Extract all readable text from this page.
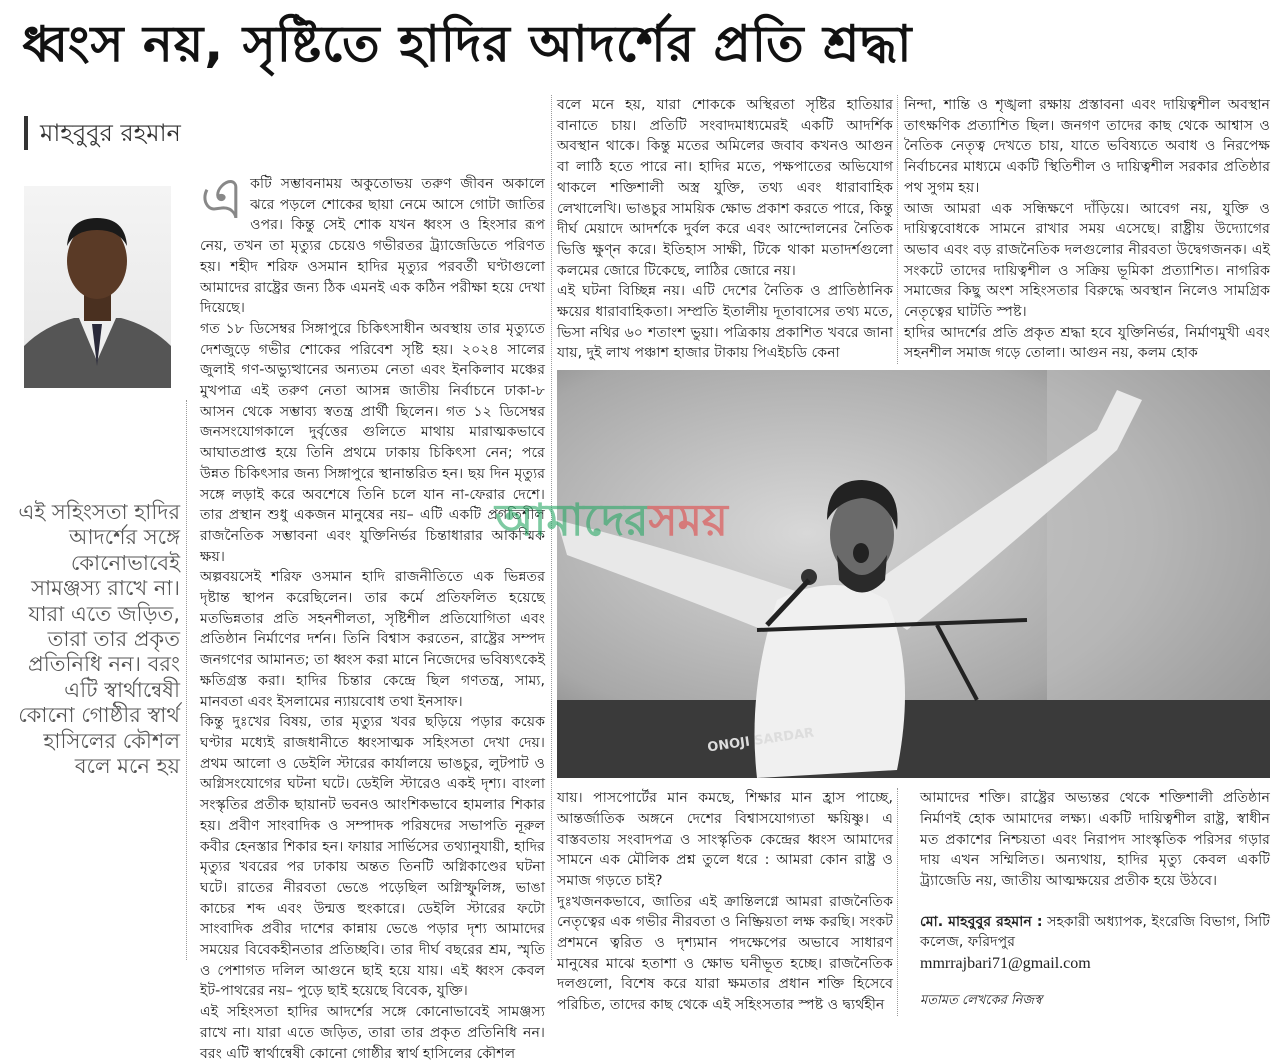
ধ্বংস নয়, সৃষ্টিতে হাদির আদর্শের প্রতি শ্রদ্ধা
মাহবুবুর রহমান
এই সহিংসতা হাদির আদর্শের সঙ্গে কোনোভাবেই সামঞ্জস্য রাখে না। যারা এতে জড়িত, তারা তার প্রকৃত প্রতিনিধি নন। বরং এটি স্বার্থান্বেষী কোনো গোষ্ঠীর স্বার্থ হাসিলের কৌশল বলে মনে হয়

একটি সম্ভাবনাময় অকুতোভয় তরুণ জীবন অকালে ঝরে পড়লে শোকের ছায়া নেমে আসে গোটা জাতির ওপর। কিন্তু সেই শোক যখন ধ্বংস ও হিংসার রূপ নেয়, তখন তা মৃত্যুর চেয়েও গভীরতর ট্র্যাজেডিতে পরিণত হয়। শহীদ শরিফ ওসমান হাদির মৃত্যুর পরবর্তী ঘণ্টাগুলো আমাদের রাষ্ট্রের জন্য ঠিক এমনই এক কঠিন পরীক্ষা হয়ে দেখা দিয়েছে।

গত ১৮ ডিসেম্বর সিঙ্গাপুরে চিকিৎসাধীন অবস্থায় তার মৃত্যুতে দেশজুড়ে গভীর শোকের পরিবেশ সৃষ্টি হয়। ২০২৪ সালের জুলাই গণ-অভ্যুত্থানের অন্যতম নেতা এবং ইনকিলাব মঞ্চের মুখপাত্র এই তরুণ নেতা আসন্ন জাতীয় নির্বাচনে ঢাকা-৮ আসন থেকে সম্ভাব্য স্বতন্ত্র প্রার্থী ছিলেন। গত ১২ ডিসেম্বর জনসংযোগকালে দুর্বৃত্তের গুলিতে মাথায় মারাত্মকভাবে আঘাতপ্রাপ্ত হয়ে তিনি প্রথমে ঢাকায় চিকিৎসা নেন; পরে উন্নত চিকিৎসার জন্য সিঙ্গাপুরে স্থানান্তরিত হন। ছয় দিন মৃত্যুর সঙ্গে লড়াই করে অবশেষে তিনি চলে যান না-ফেরার দেশে। তার প্রস্থান শুধু একজন মানুষের নয়– এটি একটি প্রগতিশীল রাজনৈতিক সম্ভাবনা এবং যুক্তিনির্ভর চিন্তাধারার আকস্মিক ক্ষয়।

অল্পবয়সেই শরিফ ওসমান হাদি রাজনীতিতে এক ভিন্নতর দৃষ্টান্ত স্থাপন করেছিলেন। তার কর্মে প্রতিফলিত হয়েছে মতভিন্নতার প্রতি সহনশীলতা, সৃষ্টিশীল প্রতিযোগিতা এবং প্রতিষ্ঠান নির্মাণের দর্শন। তিনি বিশ্বাস করতেন, রাষ্ট্রের সম্পদ জনগণের আমানত; তা ধ্বংস করা মানে নিজেদের ভবিষ্যৎকেই ক্ষতিগ্রস্ত করা। হাদির চিন্তার কেন্দ্রে ছিল গণতন্ত্র, সাম্য, মানবতা এবং ইসলামের ন্যায়বোধ তথা ইনসাফ।

কিন্তু দুঃখের বিষয়, তার মৃত্যুর খবর ছড়িয়ে পড়ার কয়েক ঘণ্টার মধ্যেই রাজধানীতে ধ্বংসাত্মক সহিংসতা দেখা দেয়। প্রথম আলো ও ডেইলি স্টারের কার্যালয়ে ভাঙচুর, লুটপাট ও অগ্নিসংযোগের ঘটনা ঘটে। ডেইলি স্টারেও একই দৃশ্য। বাংলা সংস্কৃতির প্রতীক ছায়ানট ভবনও আংশিকভাবে হামলার শিকার হয়। প্রবীণ সাংবাদিক ও সম্পাদক পরিষদের সভাপতি নূরুল কবীর হেনস্তার শিকার হন। ফায়ার সার্ভিসের তথ্যানুযায়ী, হাদির মৃত্যুর খবরের পর ঢাকায় অন্তত তিনটি অগ্নিকাণ্ডের ঘটনা ঘটে। রাতের নীরবতা ভেঙে পড়েছিল অগ্নিস্ফুলিঙ্গ, ভাঙা কাচের শব্দ এবং উন্মত্ত হুংকারে। ডেইলি স্টারের ফটো সাংবাদিক প্রবীর দাশের কান্নায় ভেঙে পড়ার দৃশ্য আমাদের সময়ের বিবেকহীনতার প্রতিচ্ছবি। তার দীর্ঘ বছরের শ্রম, স্মৃতি ও পেশাগত দলিল আগুনে ছাই হয়ে যায়। এই ধ্বংস কেবল ইট-পাথরের নয়– পুড়ে ছাই হয়েছে বিবেক, যুক্তি।

এই সহিংসতা হাদির আদর্শের সঙ্গে কোনোভাবেই সামঞ্জস্য রাখে না। যারা এতে জড়িত, তারা তার প্রকৃত প্রতিনিধি নন। বরং এটি স্বার্থান্বেষী কোনো গোষ্ঠীর স্বার্থ হাসিলের কৌশল

বলে মনে হয়, যারা শোককে অস্থিরতা সৃষ্টির হাতিয়ার বানাতে চায়। প্রতিটি সংবাদমাধ্যমেরই একটি আদর্শিক অবস্থান থাকে। কিন্তু মতের অমিলের জবাব কখনও আগুন বা লাঠি হতে পারে না। হাদির মতে, পক্ষপাতের অভিযোগ থাকলে শক্তিশালী অস্ত্র যুক্তি, তথ্য এবং ধারাবাহিক লেখালেখি। ভাঙচুর সাময়িক ক্ষোভ প্রকাশ করতে পারে, কিন্তু দীর্ঘ মেয়াদে আদর্শকে দুর্বল করে এবং আন্দোলনের নৈতিক ভিত্তি ক্ষুণ্ন করে। ইতিহাস সাক্ষী, টিকে থাকা মতাদর্শগুলো কলমের জোরে টিকেছে, লাঠির জোরে নয়।

এই ঘটনা বিচ্ছিন্ন নয়। এটি দেশের নৈতিক ও প্রাতিষ্ঠানিক ক্ষয়ের ধারাবাহিকতা। সম্প্রতি ইতালীয় দূতাবাসের তথ্য মতে, ভিসা নথির ৬০ শতাংশ ভুয়া। পত্রিকায় প্রকাশিত খবরে জানা যায়, দুই লাখ পঞ্চাশ হাজার টাকায় পিএইচডি কেনা

নিন্দা, শান্তি ও শৃঙ্খলা রক্ষায় প্রস্তাবনা এবং দায়িত্বশীল অবস্থান তাৎক্ষণিক প্রত্যাশিত ছিল। জনগণ তাদের কাছ থেকে আশ্বাস ও নৈতিক নেতৃত্ব দেখতে চায়, যাতে ভবিষ্যতে অবাধ ও নিরপেক্ষ নির্বাচনের মাধ্যমে একটি স্থিতিশীল ও দায়িত্বশীল সরকার প্রতিষ্ঠার পথ সুগম হয়।

আজ আমরা এক সন্ধিক্ষণে দাঁড়িয়ে। আবেগ নয়, যুক্তি ও দায়িত্ববোধকে সামনে রাখার সময় এসেছে। রাষ্ট্রীয় উদ্যোগের অভাব এবং বড় রাজনৈতিক দলগুলোর নীরবতা উদ্বেগজনক। এই সংকটে তাদের দায়িত্বশীল ও সক্রিয় ভূমিকা প্রত্যাশিত। নাগরিক সমাজের কিছু অংশ সহিংসতার বিরুদ্ধে অবস্থান নিলেও সামগ্রিক নেতৃত্বের ঘাটতি স্পষ্ট।

হাদির আদর্শের প্রতি প্রকৃত শ্রদ্ধা হবে যুক্তিনির্ভর, নির্মাণমুখী এবং সহনশীল সমাজ গড়ে তোলা। আগুন নয়, কলম হোক

ONOJI SARDAR
আমাদেরসময়

যায়। পাসপোর্টের মান কমছে, শিক্ষার মান হ্রাস পাচ্ছে, আন্তর্জাতিক অঙ্গনে দেশের বিশ্বাসযোগ্যতা ক্ষয়িষ্ণু। এ বাস্তবতায় সংবাদপত্র ও সাংস্কৃতিক কেন্দ্রের ধ্বংস আমাদের সামনে এক মৌলিক প্রশ্ন তুলে ধরে : আমরা কোন রাষ্ট্র ও সমাজ গড়তে চাই?

দুঃখজনকভাবে, জাতির এই ক্রান্তিলগ্নে আমরা রাজনৈতিক নেতৃত্বের এক গভীর নীরবতা ও নিষ্ক্রিয়তা লক্ষ করছি। সংকট প্রশমনে ত্বরিত ও দৃশ্যমান পদক্ষেপের অভাবে সাধারণ মানুষের মাঝে হতাশা ও ক্ষোভ ঘনীভূত হচ্ছে। রাজনৈতিক দলগুলো, বিশেষ করে যারা ক্ষমতার প্রধান শক্তি হিসেবে পরিচিত, তাদের কাছ থেকে এই সহিংসতার স্পষ্ট ও দ্ব্যর্থহীন

আমাদের শক্তি। রাষ্ট্রের অভ্যন্তর থেকে শক্তিশালী প্রতিষ্ঠান নির্মাণই হোক আমাদের লক্ষ্য। একটি দায়িত্বশীল রাষ্ট্র, স্বাধীন মত প্রকাশের নিশ্চয়তা এবং নিরাপদ সাংস্কৃতিক পরিসর গড়ার দায় এখন সম্মিলিত। অন্যথায়, হাদির মৃত্যু কেবল একটি ট্র্যাজেডি নয়, জাতীয় আত্মক্ষয়ের প্রতীক হয়ে উঠবে।

মো. মাহবুবুর রহমান : সহকারী অধ্যাপক, ইংরেজি বিভাগ, সিটি কলেজ, ফরিদপুর

mmrrajbari71@gmail.com

মতামত লেখকের নিজস্ব
